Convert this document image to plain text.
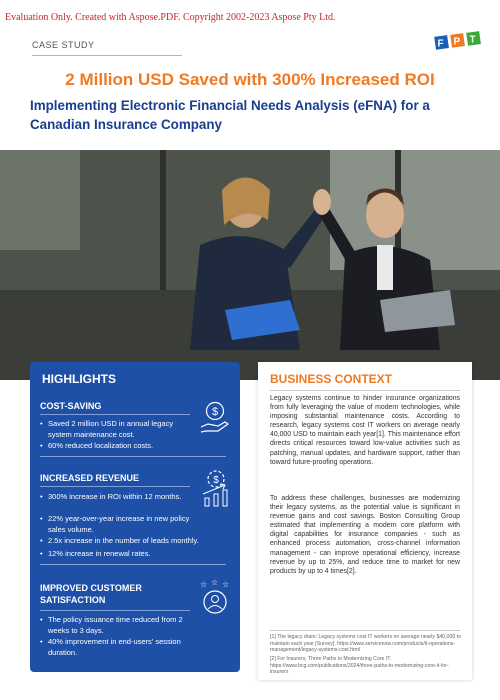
Evaluation Only. Created with Aspose.PDF. Copyright 2002-2023 Aspose Pty Ltd.
CASE STUDY	F P T
2 Million USD Saved with 300% Increased ROI
Implementing Electronic Financial Needs Analysis (eFNA) for a Canadian Insurance Company
HIGHLIGHTS
COST-SAVING	$
• Saved 2 million USD in annual legacy system maintenance cost.
• 60% reduced localization costs.
INCREASED REVENUE	$
• 300% increase in ROI within 12 months.
• 22% year-over-year increase in new policy sales volume.
• 2.5x increase in the number of leads monthly.
• 12% increase in renewal rates.
IMPROVED CUSTOMER SATISFACTION
☆ ☆ ☆
• The policy issuance time reduced from 2 weeks to 3 days.
• 40% improvement in end-users' session duration.
BUSINESS CONTEXT
Legacy systems continue to hinder insurance organizations from fully leveraging the value of modern technologies, while imposing substantial maintenance costs. According to research, legacy systems cost IT workers on average nearly 40,000 USD to maintain each year[1]. This maintenance effort directs critical resources toward low-value activities such as patching, manual updates, and hardware support, rather than toward future-proofing operations.
To address these challenges, businesses are modernizing their legacy systems, as the potential value is significant in revenue gains and cost savings. Boston Consulting Group estimated that implementing a modern core platform with digital capabilities for insurance companies - such as enhanced process automation, cross-channel information management - can improve operational efficiency, increase revenue by up to 25%, and reduce time to market for new products by up to 4 times[2].
[1] The legacy drain: Legacy systems cost IT workers on average nearly $40,000 to maintain each year [Survey]. https://www.servicenow.com/products/it-operations-management/legacy-systems-cost.html
[2] For Insurers, Three Paths to Modernizing Core IT. https://www.bcg.com/publications/2024/three-paths-to-modernizing-core-it-for-insurers
